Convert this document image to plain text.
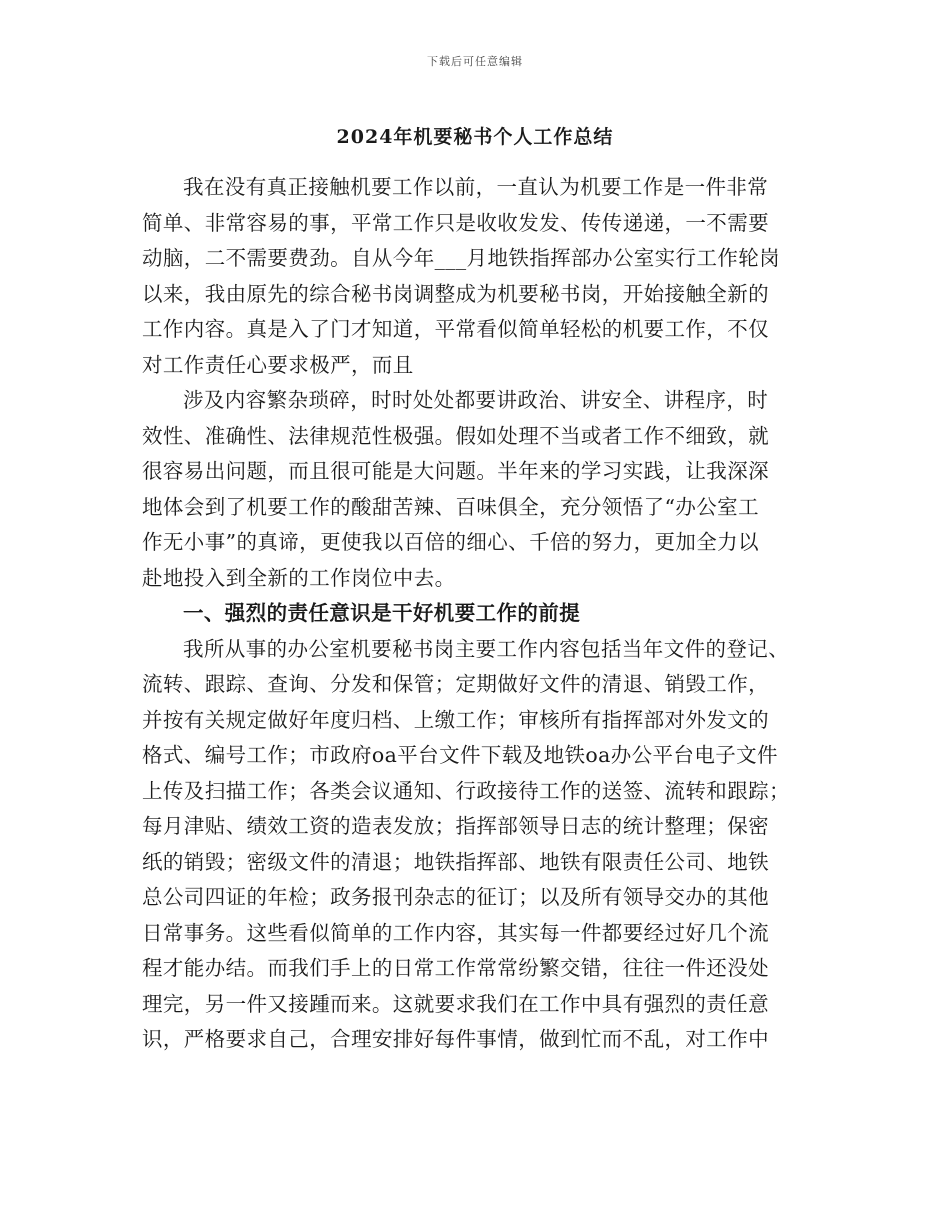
下载后可任意编辑
2024年机要秘书个人工作总结
我在没有真正接触机要工作以前，一直认为机要工作是一件非常
简单、非常容易的事，平常工作只是收收发发、传传递递，一不需要
动脑，二不需要费劲。自从今年___月地铁指挥部办公室实行工作轮岗
以来，我由原先的综合秘书岗调整成为机要秘书岗，开始接触全新的
工作内容。真是入了门才知道，平常看似简单轻松的机要工作，不仅
对工作责任心要求极严，而且
涉及内容繁杂琐碎，时时处处都要讲政治、讲安全、讲程序，时
效性、准确性、法律规范性极强。假如处理不当或者工作不细致，就
很容易出问题，而且很可能是大问题。半年来的学习实践，让我深深
地体会到了机要工作的酸甜苦辣、百味俱全，充分领悟了“办公室工
作无小事”的真谛，更使我以百倍的细心、千倍的努力，更加全力以
赴地投入到全新的工作岗位中去。
一、强烈的责任意识是干好机要工作的前提
我所从事的办公室机要秘书岗主要工作内容包括当年文件的登记、
流转、跟踪、查询、分发和保管；定期做好文件的清退、销毁工作，
并按有关规定做好年度归档、上缴工作；审核所有指挥部对外发文的
格式、编号工作；市政府oa平台文件下载及地铁oa办公平台电子文件
上传及扫描工作；各类会议通知、行政接待工作的送签、流转和跟踪；
每月津贴、绩效工资的造表发放；指挥部领导日志的统计整理；保密
纸的销毁；密级文件的清退；地铁指挥部、地铁有限责任公司、地铁
总公司四证的年检；政务报刊杂志的征订；以及所有领导交办的其他
日常事务。这些看似简单的工作内容，其实每一件都要经过好几个流
程才能办结。而我们手上的日常工作常常纷繁交错，往往一件还没处
理完，另一件又接踵而来。这就要求我们在工作中具有强烈的责任意
识，严格要求自己，合理安排好每件事情，做到忙而不乱，对工作中
